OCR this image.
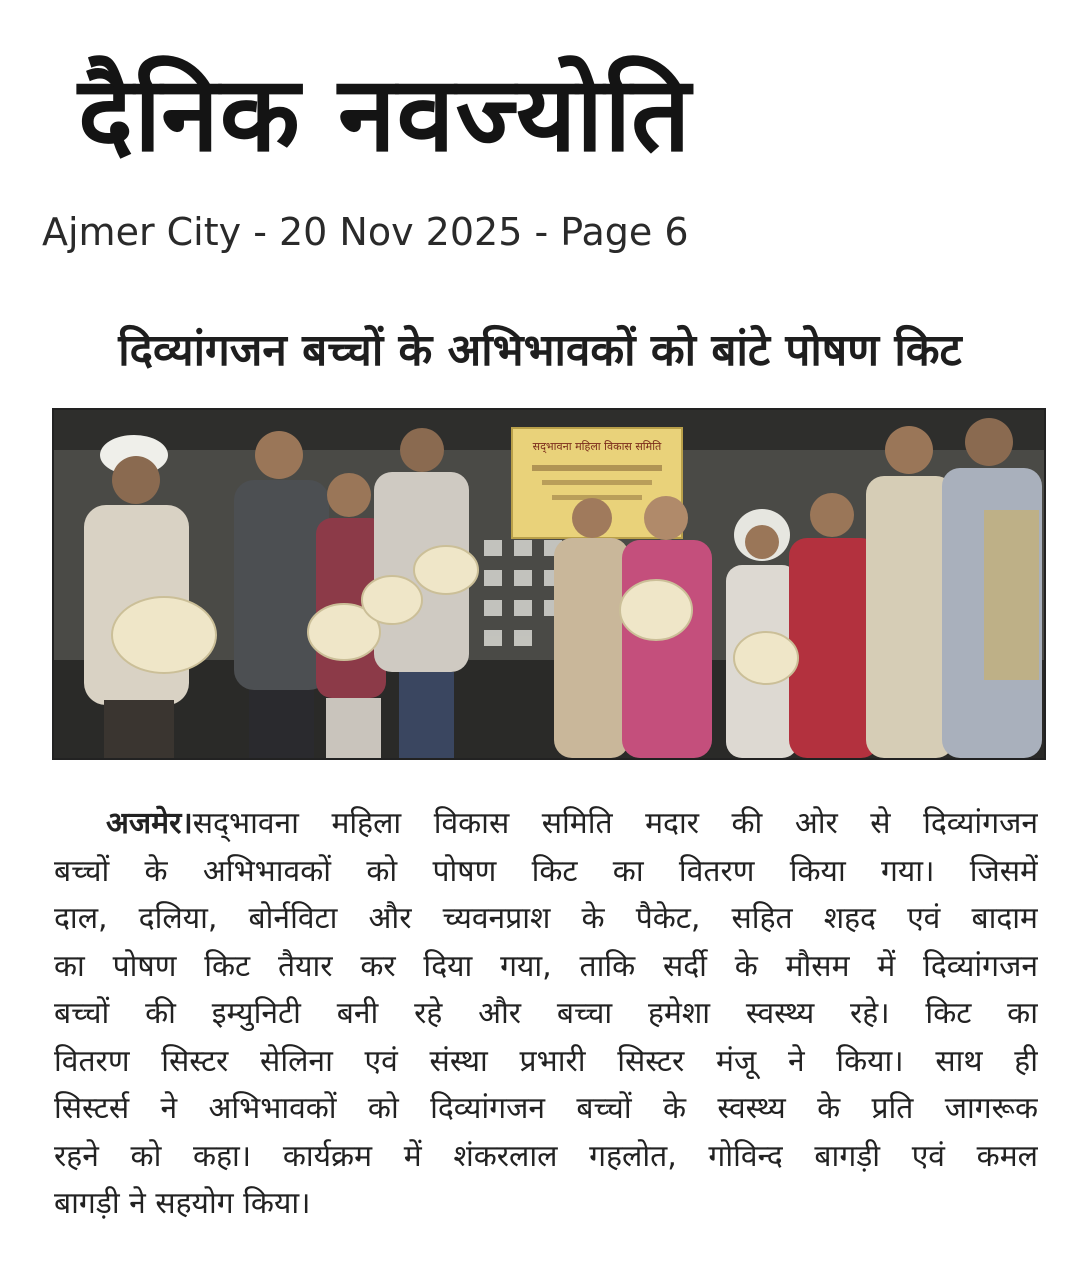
दैनिक नवज्योति
Ajmer City - 20 Nov 2025 - Page 6
दिव्यांगजन बच्चों के अभिभावकों को बांटे पोषण किट
सद्‌भावना महिला विकास समिति
अजमेर।सद्‌भावना महिला विकास समिति मदार की ओर से दिव्यांगजन
बच्चों के अभिभावकों को पोषण किट का वितरण किया गया। जिसमें
दाल, दलिया, बोर्नविटा और च्यवनप्राश के पैकेट, सहित शहद एवं बादाम
का पोषण किट तैयार कर दिया गया, ताकि सर्दी के मौसम में दिव्यांगजन
बच्चों की इम्युनिटी बनी रहे और बच्चा हमेशा स्वस्थ्य रहे। किट का
वितरण सिस्टर सेलिना एवं संस्था प्रभारी सिस्टर मंजू ने किया। साथ ही
सिस्टर्स ने अभिभावकों को दिव्यांगजन बच्चों के स्वस्थ्य के प्रति जागरूक
रहने को कहा। कार्यक्रम में शंकरलाल गहलोत, गोविन्द बागड़ी एवं कमल
बागड़ी ने सहयोग किया।
